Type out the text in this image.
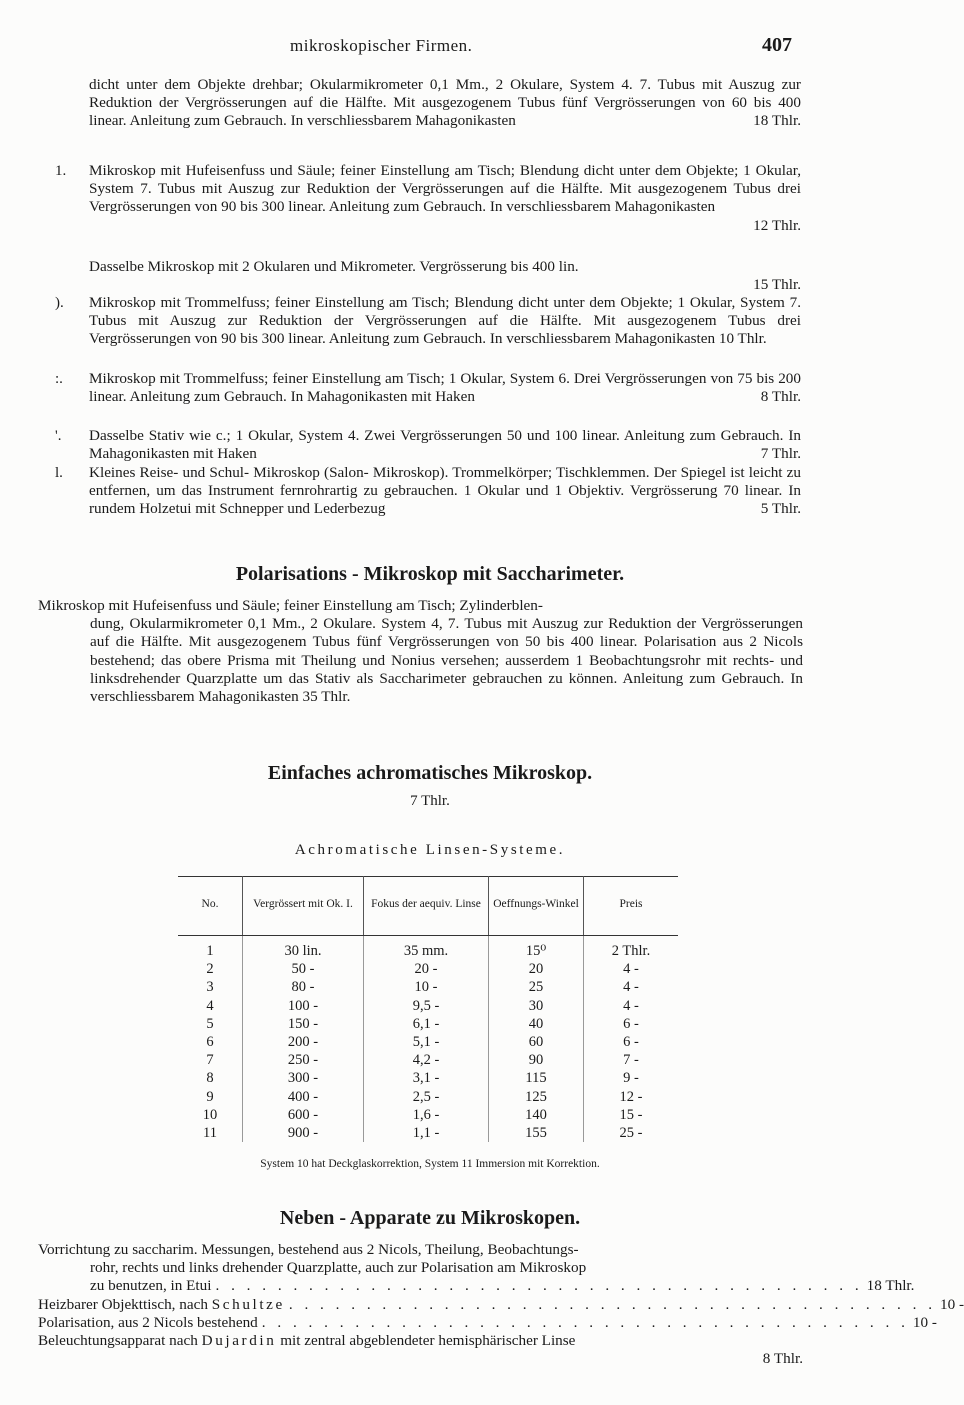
mikroskopischer Firmen.	407

dicht unter dem Objekte drehbar; Okularmikrometer 0,1 Mm., 2 Okulare, System 4. 7. Tubus mit Auszug zur Reduktion der Vergrösserungen auf die Hälfte. Mit ausgezogenem Tubus fünf Vergrösserungen von 60 bis 400 linear. Anleitung zum Gebrauch. In verschliessbarem Mahagonikasten	18 Thlr.
1. Mikroskop mit Hufeisenfuss und Säule; feiner Einstellung am Tisch; Blendung dicht unter dem Objekte; 1 Okular, System 7. Tubus mit Auszug zur Reduktion der Vergrösserungen auf die Hälfte. Mit ausgezogenem Tubus drei Vergrösserungen von 90 bis 300 linear. Anleitung zum Gebrauch. In verschliessbarem Mahagonikasten

12 Thlr.

Dasselbe Mikroskop mit 2 Okularen und Mikrometer. Vergrösserung bis 400 lin.

15 Thlr.
). Mikroskop mit Trommelfuss; feiner Einstellung am Tisch; Blendung dicht unter dem Objekte; 1 Okular, System 7. Tubus mit Auszug zur Reduktion der Vergrösserungen auf die Hälfte. Mit ausgezogenem Tubus drei Vergrösserungen von 90 bis 300 linear. Anleitung zum Gebrauch. In verschliessbarem Mahagonikasten 10 Thlr.

:. Mikroskop mit Trommelfuss; feiner Einstellung am Tisch; 1 Okular, System 6. Drei Vergrösserungen von 75 bis 200 linear. Anleitung zum Gebrauch. In Mahagonikasten mit Haken	8 Thlr.
'. Dasselbe Stativ wie c.; 1 Okular, System 4. Zwei Vergrösserungen 50 und 100 linear. Anleitung zum Gebrauch. In Mahagonikasten mit Haken	7 Thlr.
l. Kleines Reise- und Schul- Mikroskop (Salon- Mikroskop). Trommelkörper; Tischklemmen. Der Spiegel ist leicht zu entfernen, um das Instrument fernrohrartig zu gebrauchen. 1 Okular und 1 Objektiv. Vergrösserung 70 linear. In rundem Holzetui mit Schnepper und Lederbezug	5 Thlr.
Polarisations - Mikroskop mit Saccharimeter.

Mikroskop mit Hufeisenfuss und Säule; feiner Einstellung am Tisch; Zylinderblen-

dung, Okularmikrometer 0,1 Mm., 2 Okulare. System 4, 7. Tubus mit Auszug zur Reduktion der Vergrösserungen auf die Hälfte. Mit ausgezogenem Tubus fünf Vergrösserungen von 50 bis 400 linear. Polarisation aus 2 Nicols bestehend; das obere Prisma mit Theilung und Nonius versehen; ausserdem 1 Beobachtungsrohr mit rechts- und linksdrehender Quarzplatte um das Stativ als Saccharimeter gebrauchen zu können. Anleitung zum Gebrauch. In verschliessbarem Mahagonikasten 35 Thlr.

Einfaches achromatisches Mikroskop.
7 Thlr.
Achromatische Linsen-Systeme.
No.	Vergrössert mit Ok. I.	Fokus der aequiv. Linse	Oeffnungs-Winkel	Preis
1	30 lin.	35 mm.	15⁰	2 Thlr.
2	50 -	20 -	20	4 -
3	80 -	10 -	25	4 -
4	100 -	9,5 -	30	4 -
5	150 -	6,1 -	40	6 -
6	200 -	5,1 -	60	6 -
7	250 -	4,2 -	90	7 -
8	300 -	3,1 -	115	9 -
9	400 -	2,5 -	125	12 -
10	600 -	1,6 -	140	15 -
11	900 -	1,1 -	155	25 -
System 10 hat Deckglaskorrektion, System 11 Immersion mit Korrektion.
Neben - Apparate zu Mikroskopen.
Vorrichtung zu saccharim. Messungen, bestehend aus 2 Nicols, Theilung, Beobachtungs-
rohr, rechts und links drehender Quarzplatte, auch zur Polarisation am Mikroskop
zu benutzen, in Etui . . . . . . . . . . . . . . . . . . . . . . . . . . . . . . . . . . . . . . . . . . 18 Thlr.
Heizbarer Objekttisch, nach Schultze . . . . . . . . . . . . . . . . . . . . . . . . . . . . . . . . . . . . . . . . . . 10 -
Polarisation, aus 2 Nicols bestehend . . . . . . . . . . . . . . . . . . . . . . . . . . . . . . . . . . . . . . . . . . 10 -
Beleuchtungsapparat nach Dujardin mit zentral abgeblendeter hemisphärischer Linse
8 Thlr.
